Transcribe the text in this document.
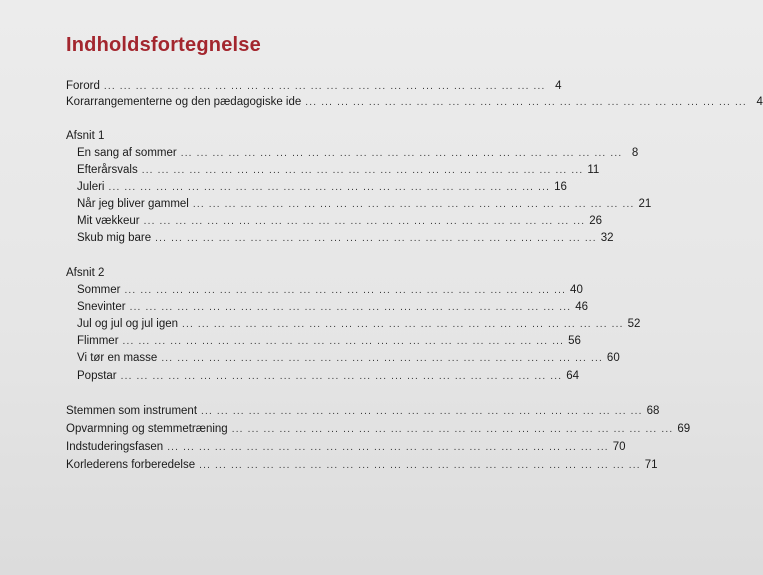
Indholdsfortegnelse
Forord ... ... ... ... ... ... ... ... ... ... ... ... ... ... ... ... ... ... ... ... ... ... ... ... ... ... ... ... 4
Korarrangementerne og den pædagogiske ide ... ... ... ... ... ... ... ... ... ... ... ... ... ... ... ... ... ... ... ... ... ... ... ... ... ... ... ... 4
Afsnit 1
En sang af sommer ... ... ... ... ... ... ... ... ... ... ... ... ... ... ... ... ... ... ... ... ... ... ... ... ... ... ... ... 8
Efterårsvals ... ... ... ... ... ... ... ... ... ... ... ... ... ... ... ... ... ... ... ... ... ... ... ... ... ... ... ... 11
Juleri ... ... ... ... ... ... ... ... ... ... ... ... ... ... ... ... ... ... ... ... ... ... ... ... ... ... ... ... 16
Når jeg bliver gammel ... ... ... ... ... ... ... ... ... ... ... ... ... ... ... ... ... ... ... ... ... ... ... ... ... ... ... ... 21
Mit vækkeur ... ... ... ... ... ... ... ... ... ... ... ... ... ... ... ... ... ... ... ... ... ... ... ... ... ... ... ... 26
Skub mig bare ... ... ... ... ... ... ... ... ... ... ... ... ... ... ... ... ... ... ... ... ... ... ... ... ... ... ... ... 32
Afsnit 2
Sommer ... ... ... ... ... ... ... ... ... ... ... ... ... ... ... ... ... ... ... ... ... ... ... ... ... ... ... ... 40
Snevinter ... ... ... ... ... ... ... ... ... ... ... ... ... ... ... ... ... ... ... ... ... ... ... ... ... ... ... ... 46
Jul og jul og jul igen ... ... ... ... ... ... ... ... ... ... ... ... ... ... ... ... ... ... ... ... ... ... ... ... ... ... ... ... 52
Flimmer ... ... ... ... ... ... ... ... ... ... ... ... ... ... ... ... ... ... ... ... ... ... ... ... ... ... ... ... 56
Vi tør en masse ... ... ... ... ... ... ... ... ... ... ... ... ... ... ... ... ... ... ... ... ... ... ... ... ... ... ... ... 60
Popstar ... ... ... ... ... ... ... ... ... ... ... ... ... ... ... ... ... ... ... ... ... ... ... ... ... ... ... ... 64
Stemmen som instrument ... ... ... ... ... ... ... ... ... ... ... ... ... ... ... ... ... ... ... ... ... ... ... ... ... ... ... ... 68
Opvarmning og stemmetræning ... ... ... ... ... ... ... ... ... ... ... ... ... ... ... ... ... ... ... ... ... ... ... ... ... ... ... ... 69
Indstuderingsfasen ... ... ... ... ... ... ... ... ... ... ... ... ... ... ... ... ... ... ... ... ... ... ... ... ... ... ... ... 70
Korlederens forberedelse ... ... ... ... ... ... ... ... ... ... ... ... ... ... ... ... ... ... ... ... ... ... ... ... ... ... ... ... 71
